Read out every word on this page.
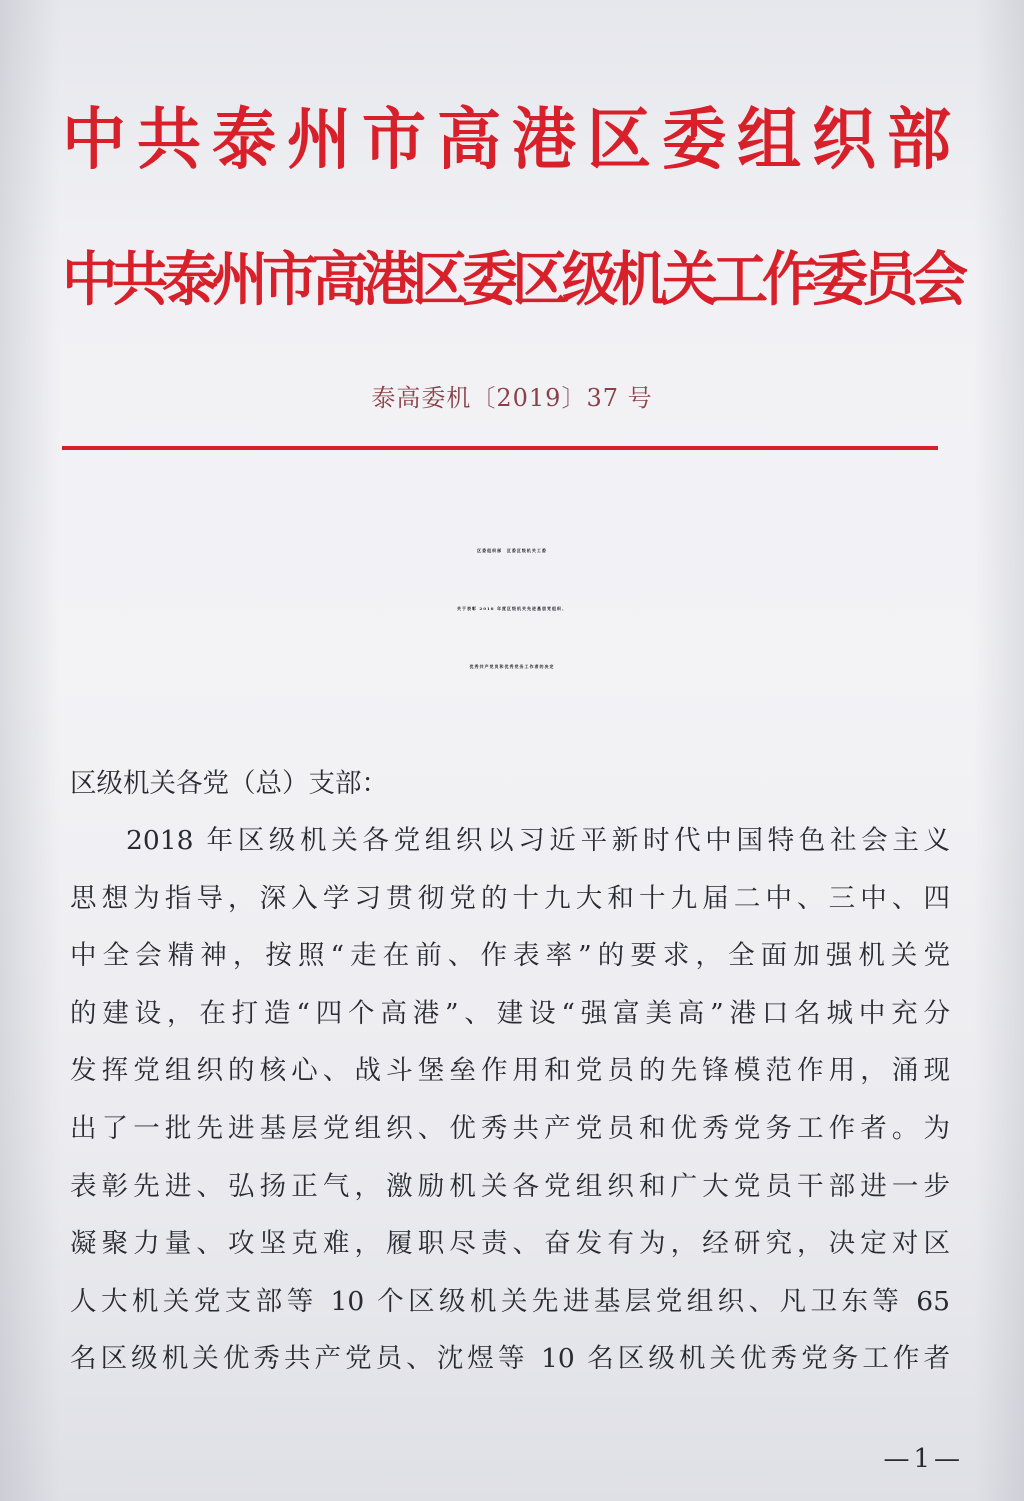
中共泰州市高港区委组织部
中共泰州市高港区委区级机关工作委员会
泰高委机〔2019〕37 号
区委组织部  区委区级机关工委
关于表彰 2018 年度区级机关先进基层党组织、
优秀共产党员和优秀党务工作者的决定
区级机关各党（总）支部：
2018 年区级机关各党组织以习近平新时代中国特色社会主义
思想为指导，深入学习贯彻党的十九大和十九届二中、三中、四
中全会精神，按照“走在前、作表率”的要求，全面加强机关党
的建设，在打造“四个高港”、建设“强富美高”港口名城中充分
发挥党组织的核心、战斗堡垒作用和党员的先锋模范作用，涌现
出了一批先进基层党组织、优秀共产党员和优秀党务工作者。为
表彰先进、弘扬正气，激励机关各党组织和广大党员干部进一步
凝聚力量、攻坚克难，履职尽责、奋发有为，经研究，决定对区
人大机关党支部等 10 个区级机关先进基层党组织、凡卫东等 65
名区级机关优秀共产党员、沈煜等 10 名区级机关优秀党务工作者
—1—
